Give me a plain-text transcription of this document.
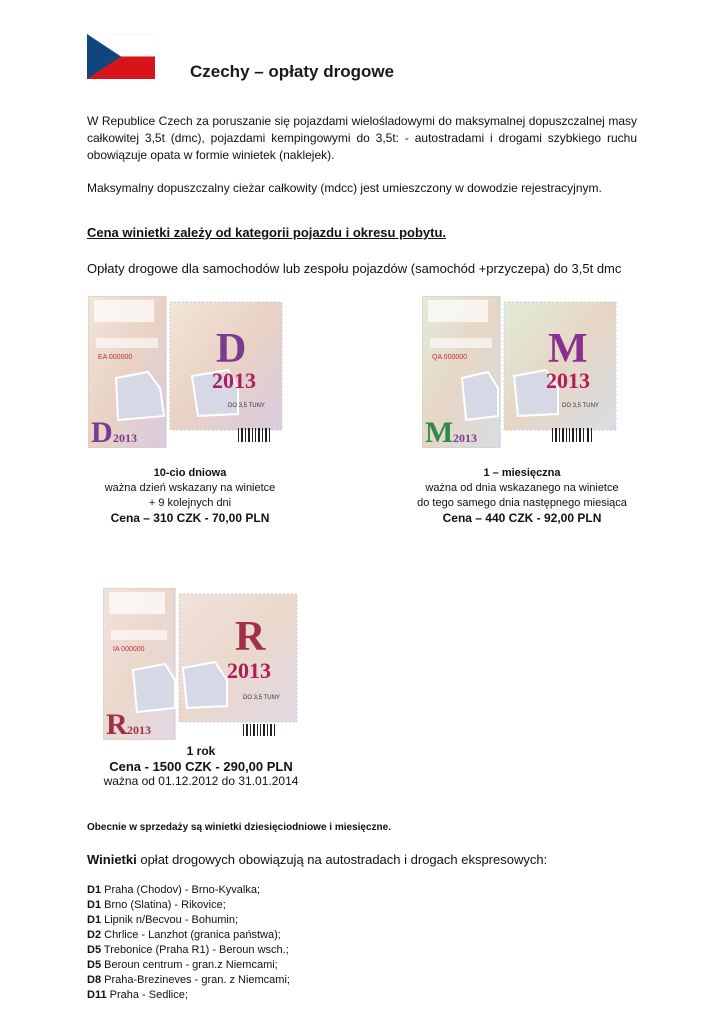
Czechy – opłaty drogowe
W Republice Czech za poruszanie się pojazdami wielośladowymi do maksymalnej dopuszczalnej masy całkowitej 3,5t (dmc), pojazdami kempingowymi do 3,5t: - autostradami i drogami szybkiego ruchu obowiązuje opata w formie winietek (naklejek).
Maksymalny dopuszczalny cieżar całkowity (mdcc) jest umieszczony w dowodzie rejestracyjnym.
Cena winietki zależy od kategorii pojazdu i okresu pobytu.
Opłaty drogowe dla samochodów lub zespołu pojazdów (samochód +przyczepa) do 3,5t dmc
EA 000000 D
2013
DO 3,5 TUNY
D 2013
QA 000000 M
2013
DO 3,5 TUNY
M 2013
10-cio dniowa
ważna dzień wskazany na winietce
+ 9 kolejnych dni
Cena – 310 CZK - 70,00 PLN
1 – miesięczna
ważna od dnia wskazanego na winietce
do tego samego dnia następnego miesiąca
Cena – 440 CZK - 92,00 PLN
IA 000000 R
2013
DO 3,5 TUNY
R 2013
1 rok
Cena - 1500 CZK - 290,00 PLN
ważna od 01.12.2012 do 31.01.2014
Obecnie w sprzedaży są winietki dziesięciodniowe i miesięczne.
Winietki opłat drogowych obowiązują na autostradach i drogach ekspresowych:
D1 Praha (Chodov) - Brno-Kyvalka;
D1 Brno (Slatina) - Rikovice;
D1 Lipnik n/Becvou - Bohumin;
D2 Chrlice - Lanzhot (granica państwa);
D5 Trebonice (Praha R1) - Beroun wsch.;
D5 Beroun centrum - gran.z Niemcami;
D8 Praha-Brezineves - gran. z Niemcami;
D11 Praha - Sedlice;
